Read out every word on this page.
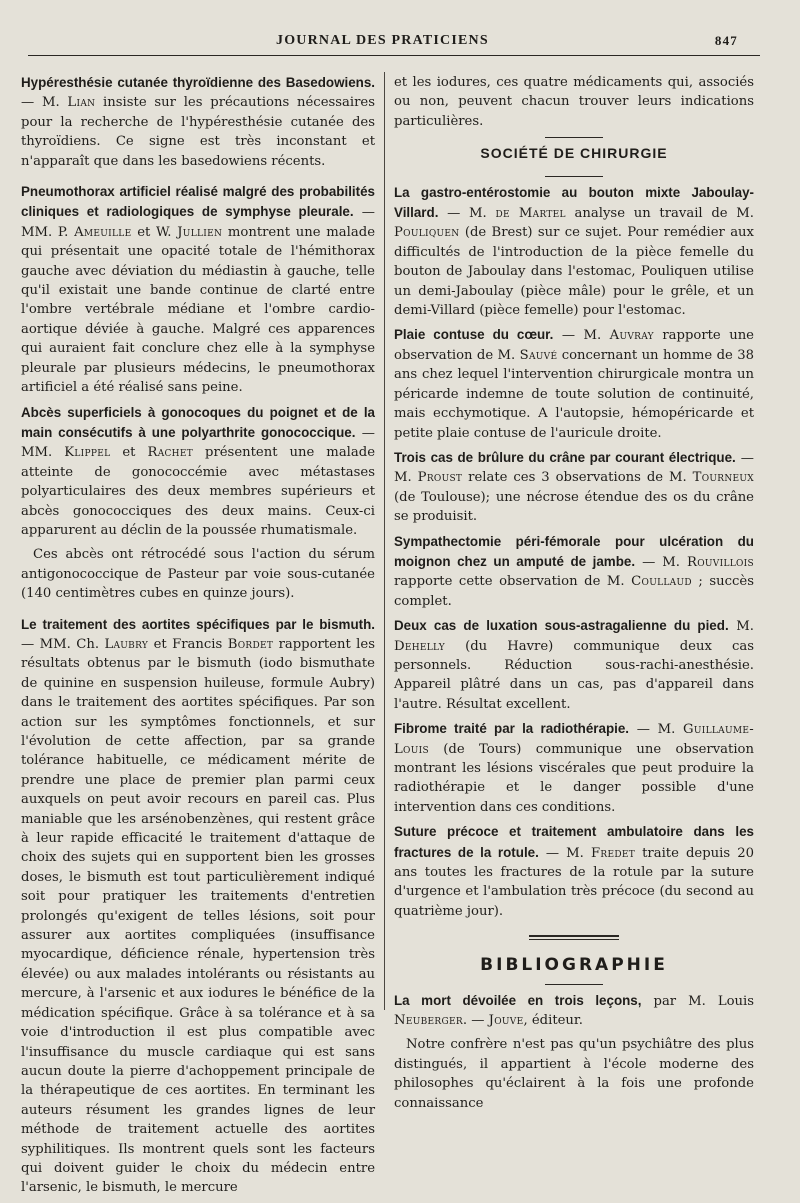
JOURNAL DES PRATICIENS	847

Hypéresthésie cutanée thyroïdienne des Basedowiens. — M. Lian insiste sur les précautions nécessaires pour la recherche de l'hypéresthésie cutanée des thyroïdiens. Ce signe est très inconstant et n'apparaît que dans les basedowiens récents.

Pneumothorax artificiel réalisé malgré des probabilités cliniques et radiologiques de symphyse pleurale. — MM. P. Ameuille et W. Jullien montrent une malade qui présentait une opacité totale de l'hémithorax gauche avec déviation du médiastin à gauche, telle qu'il existait une bande continue de clarté entre l'ombre vertébrale médiane et l'ombre cardio-aortique déviée à gauche. Malgré ces apparences qui auraient fait conclure chez elle à la symphyse pleurale par plusieurs médecins, le pneumothorax artificiel a été réalisé sans peine.

Abcès superficiels à gonocoques du poignet et de la main consécutifs à une polyarthrite gonococcique. — MM. Klippel et Rachet présentent une malade atteinte de gonococcémie avec métastases polyarticulaires des deux membres supérieurs et abcès gonococciques des deux mains. Ceux-ci apparurent au déclin de la poussée rhumatismale.

Ces abcès ont rétrocédé sous l'action du sérum antigonococcique de Pasteur par voie sous-cutanée (140 centimètres cubes en quinze jours).

Le traitement des aortites spécifiques par le bismuth. — MM. Ch. Laubry et Francis Bordet rapportent les résultats obtenus par le bismuth (iodo bismuthate de quinine en suspension huileuse, formule Aubry) dans le traitement des aortites spécifiques. Par son action sur les symptômes fonctionnels, et sur l'évolution de cette affection, par sa grande tolérance habituelle, ce médicament mérite de prendre une place de premier plan parmi ceux auxquels on peut avoir recours en pareil cas. Plus maniable que les arsénobenzènes, qui restent grâce à leur rapide efficacité le traitement d'attaque de choix des sujets qui en supportent bien les grosses doses, le bismuth est tout particulièrement indiqué soit pour pratiquer les traitements d'entretien prolongés qu'exigent de telles lésions, soit pour assurer aux aortites compliquées (insuffisance myocardique, déficience rénale, hypertension très élevée) ou aux malades intolérants ou résistants au mercure, à l'arsenic et aux iodures le bénéfice de la médication spécifique. Grâce à sa tolérance et à sa voie d'introduction il est plus compatible avec l'insuffisance du muscle cardiaque qui est sans aucun doute la pierre d'achoppement principale de la thérapeutique de ces aortites. En terminant les auteurs résument les grandes lignes de leur méthode de traitement actuelle des aortites syphilitiques. Ils montrent quels sont les facteurs qui doivent guider le choix du médecin entre l'arsenic, le bismuth, le mercure

et les iodures, ces quatre médicaments qui, associés ou non, peuvent chacun trouver leurs indications particulières.

SOCIÉTÉ DE CHIRURGIE

La gastro-entérostomie au bouton mixte Jaboulay-Villard. — M. de Martel analyse un travail de M. Pouliquen (de Brest) sur ce sujet. Pour remédier aux difficultés de l'introduction de la pièce femelle du bouton de Jaboulay dans l'estomac, Pouliquen utilise un demi-Jaboulay (pièce mâle) pour le grêle, et un demi-Villard (pièce femelle) pour l'estomac.

Plaie contuse du cœur. — M. Auvray rapporte une observation de M. Sauvé concernant un homme de 38 ans chez lequel l'intervention chirurgicale montra un péricarde indemne de toute solution de continuité, mais ecchymotique. A l'autopsie, hémopéricarde et petite plaie contuse de l'auricule droite.

Trois cas de brûlure du crâne par courant électrique. — M. Proust relate ces 3 observations de M. Tourneux (de Toulouse); une nécrose étendue des os du crâne se produisit.

Sympathectomie péri-fémorale pour ulcération du moignon chez un amputé de jambe. — M. Rouvillois rapporte cette observation de M. Coullaud ; succès complet.

Deux cas de luxation sous-astragalienne du pied. M. Dehelly (du Havre) communique deux cas personnels. Réduction sous-rachi-anesthésie. Appareil plâtré dans un cas, pas d'appareil dans l'autre. Résultat excellent.

Fibrome traité par la radiothérapie. — M. Guillaume-Louis (de Tours) communique une observation montrant les lésions viscérales que peut produire la radiothérapie et le danger possible d'une intervention dans ces conditions.

Suture précoce et traitement ambulatoire dans les fractures de la rotule. — M. Fredet traite depuis 20 ans toutes les fractures de la rotule par la suture d'urgence et l'ambulation très précoce (du second au quatrième jour).

BIBLIOGRAPHIE

La mort dévoilée en trois leçons, par M. Louis Neuberger. — Jouve, éditeur.

Notre confrère n'est pas qu'un psychiâtre des plus distingués, il appartient à l'école moderne des philosophes qu'éclairent à la fois une profonde connaissance
